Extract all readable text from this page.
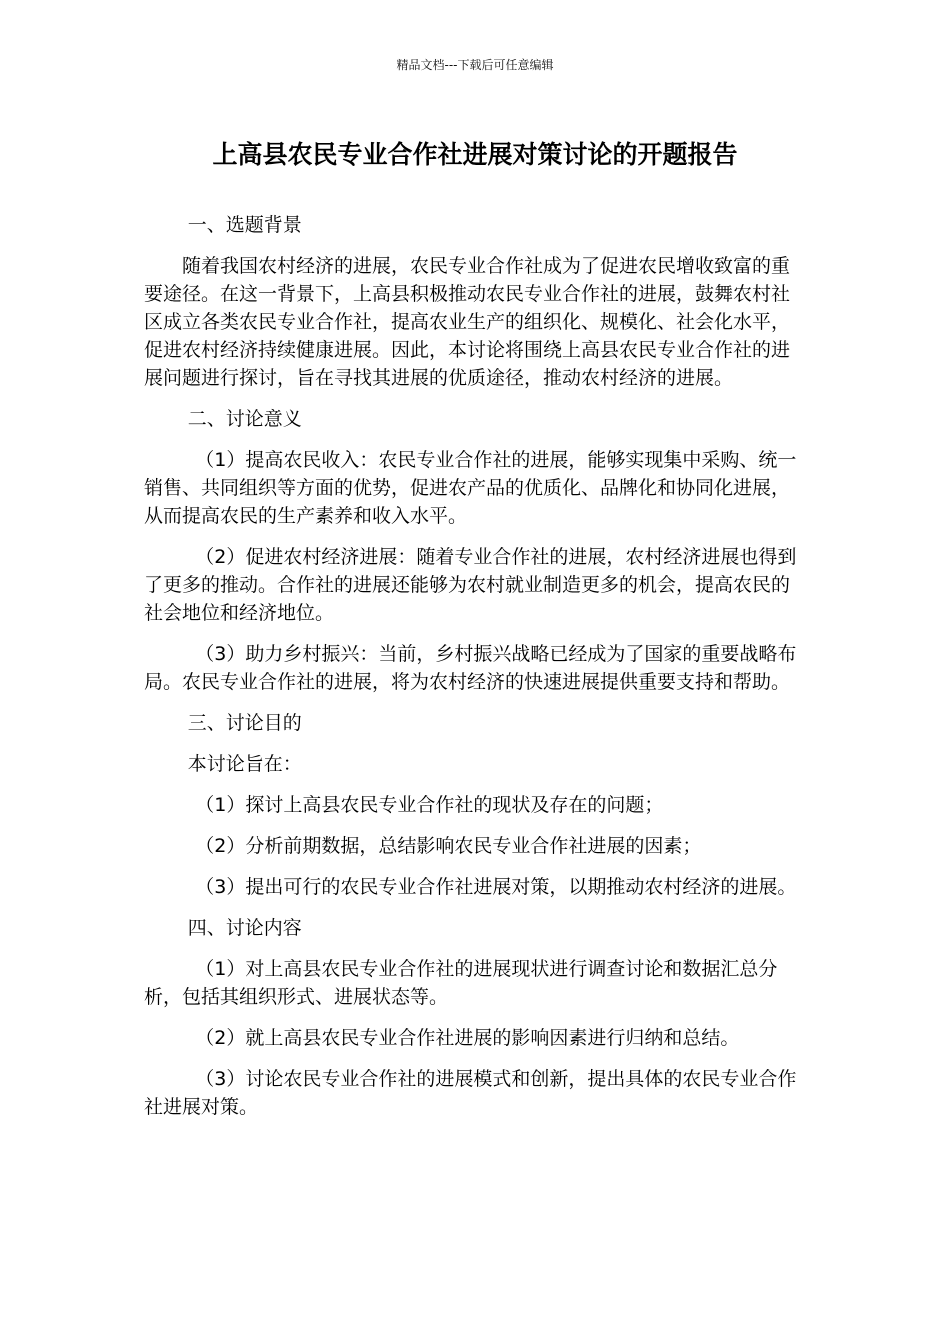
精品文档---下载后可任意编辑
上高县农民专业合作社进展对策讨论的开题报告

一、选题背景

随着我国农村经济的进展，农民专业合作社成为了促进农民增收致富的重要途径。在这一背景下，上高县积极推动农民专业合作社的进展，鼓舞农村社区成立各类农民专业合作社，提高农业生产的组织化、规模化、社会化水平，促进农村经济持续健康进展。因此，本讨论将围绕上高县农民专业合作社的进展问题进行探讨，旨在寻找其进展的优质途径，推动农村经济的进展。

二、讨论意义

（1）提高农民收入：农民专业合作社的进展，能够实现集中采购、统一销售、共同组织等方面的优势，促进农产品的优质化、品牌化和协同化进展，从而提高农民的生产素养和收入水平。

（2）促进农村经济进展：随着专业合作社的进展，农村经济进展也得到了更多的推动。合作社的进展还能够为农村就业制造更多的机会，提高农民的社会地位和经济地位。

（3）助力乡村振兴：当前，乡村振兴战略已经成为了国家的重要战略布局。农民专业合作社的进展，将为农村经济的快速进展提供重要支持和帮助。

三、讨论目的

本讨论旨在：

（1）探讨上高县农民专业合作社的现状及存在的问题；

（2）分析前期数据，总结影响农民专业合作社进展的因素；

（3）提出可行的农民专业合作社进展对策，以期推动农村经济的进展。

四、讨论内容

（1）对上高县农民专业合作社的进展现状进行调查讨论和数据汇总分析，包括其组织形式、进展状态等。

（2）就上高县农民专业合作社进展的影响因素进行归纳和总结。

（3）讨论农民专业合作社的进展模式和创新，提出具体的农民专业合作社进展对策。
